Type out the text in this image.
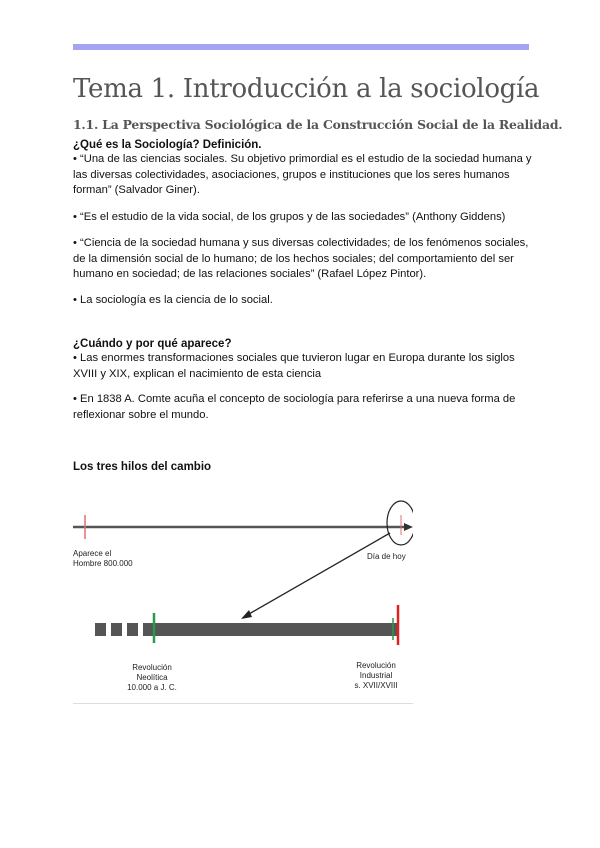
Tema 1. Introducción a la sociología
1.1. La Perspectiva Sociológica de la Construcción Social de la Realidad.

¿Qué es la Sociología? Definición.

• “Una de las ciencias sociales. Su objetivo primordial es el estudio de la sociedad humana y las diversas colectividades, asociaciones, grupos e instituciones que los seres humanos forman” (Salvador Giner).

• “Es el estudio de la vida social, de los grupos y de las sociedades” (Anthony Giddens)

• “Ciencia de la sociedad humana y sus diversas colectividades; de los fenómenos sociales, de la dimensión social de lo humano; de los hechos sociales; del comportamiento del ser humano en sociedad; de las relaciones sociales” (Rafael López Pintor).

• La sociología es la ciencia de lo social.

¿Cuándo y por qué aparece?

• Las enormes transformaciones sociales que tuvieron lugar en Europa durante los siglos XVIII y XIX, explican el nacimiento de esta ciencia

• En 1838 A. Comte acuña el concepto de sociología para referirse a una nueva forma de reflexionar sobre el mundo.

Los tres hilos del cambio

Aparece el
Hombre 800.000
Día de hoy
Revolución
Neolítica
10.000 a J. C.
Revolución
Industrial
s. XVII/XVIII
